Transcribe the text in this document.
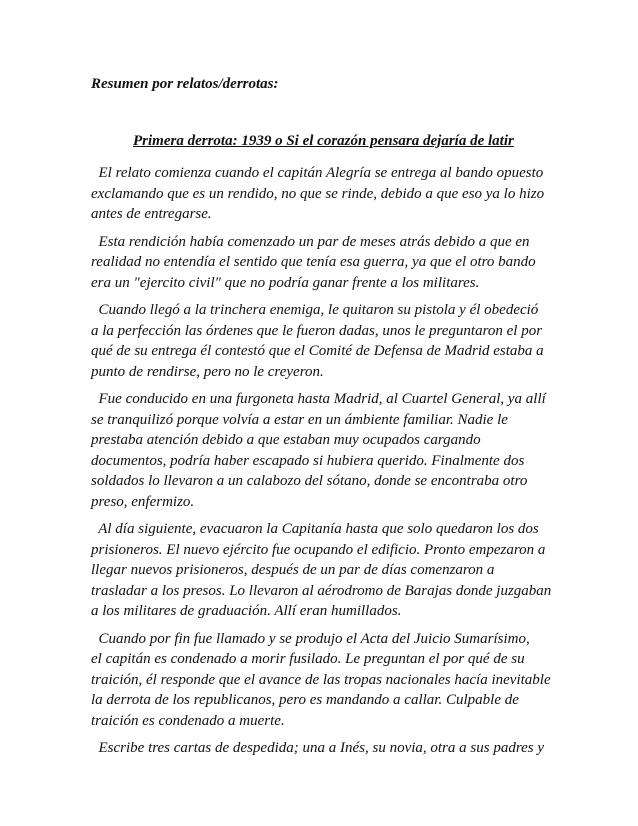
Resumen por relatos/derrotas:

Primera derrota: 1939 o Si el corazón pensara dejaría de latir

El relato comienza cuando el capitán Alegría se entrega al bando opuesto
exclamando que es un rendido, no que se rinde, debido a que eso ya lo hizo
antes de entregarse.

Esta rendición había comenzado un par de meses atrás debido a que en
realidad no entendía el sentido que tenía esa guerra, ya que el otro bando
era un "ejercito civil" que no podría ganar frente a los militares.

Cuando llegó a la trinchera enemiga, le quitaron su pistola y él obedeció
a la perfección las órdenes que le fueron dadas, unos le preguntaron el por
qué de su entrega él contestó que el Comité de Defensa de Madrid estaba a
punto de rendirse, pero no le creyeron.

Fue conducido en una furgoneta hasta Madrid, al Cuartel General, ya allí
se tranquilizó porque volvía a estar en un ámbiente familiar. Nadie le
prestaba atención debido a que estaban muy ocupados cargando
documentos, podría haber escapado si hubiera querido. Finalmente dos
soldados lo llevaron a un calabozo del sótano, donde se encontraba otro
preso, enfermizo.

Al día siguiente, evacuaron la Capitanía hasta que solo quedaron los dos
prisioneros. El nuevo ejército fue ocupando el edificio. Pronto empezaron a
llegar nuevos prisioneros, después de un par de días comenzaron a
trasladar a los presos. Lo llevaron al aérodromo de Barajas donde juzgaban
a los militares de graduación. Allí eran humillados.

Cuando por fin fue llamado y se produjo el Acta del Juicio Sumarísimo,
el capitán es condenado a morir fusilado. Le preguntan el por qué de su
traición, él responde que el avance de las tropas nacionales hacía inevitable
la derrota de los republicanos, pero es mandando a callar. Culpable de
traición es condenado a muerte.

Escribe tres cartas de despedida; una a Inés, su novia, otra a sus padres y
